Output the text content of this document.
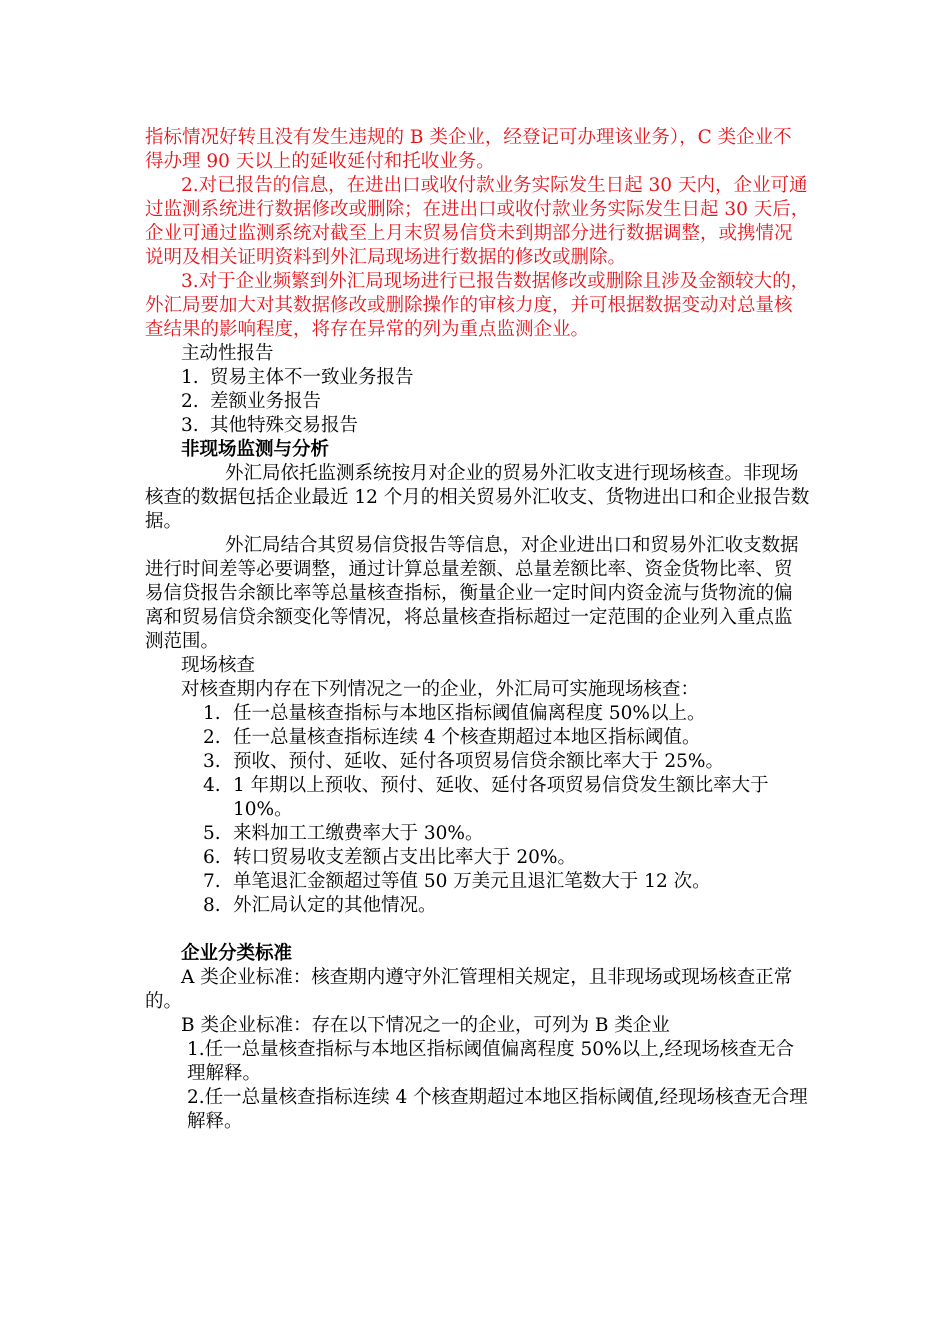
指标情况好转且没有发生违规的 B 类企业，经登记可办理该业务），C 类企业不得办理 90 天以上的延收延付和托收业务。

2.对已报告的信息，在进出口或收付款业务实际发生日起 30 天内，企业可通过监测系统进行数据修改或删除；在进出口或收付款业务实际发生日起 30 天后，企业可通过监测系统对截至上月末贸易信贷未到期部分进行数据调整，或携情况说明及相关证明资料到外汇局现场进行数据的修改或删除。

3.对于企业频繁到外汇局现场进行已报告数据修改或删除且涉及金额较大的，外汇局要加大对其数据修改或删除操作的审核力度，并可根据数据变动对总量核查结果的影响程度，将存在异常的列为重点监测企业。

主动性报告

1. 贸易主体不一致业务报告
2. 差额业务报告
3. 其他特殊交易报告

非现场监测与分析

外汇局依托监测系统按月对企业的贸易外汇收支进行现场核查。非现场核查的数据包括企业最近 12 个月的相关贸易外汇收支、货物进出口和企业报告数据。

外汇局结合其贸易信贷报告等信息，对企业进出口和贸易外汇收支数据进行时间差等必要调整，通过计算总量差额、总量差额比率、资金货物比率、贸易信贷报告余额比率等总量核查指标，衡量企业一定时间内资金流与货物流的偏离和贸易信贷余额变化等情况，将总量核查指标超过一定范围的企业列入重点监测范围。

现场核查

对核查期内存在下列情况之一的企业，外汇局可实施现场核查：

1. 任一总量核查指标与本地区指标阈值偏离程度 50%以上。
2. 任一总量核查指标连续 4 个核查期超过本地区指标阈值。
3. 预收、预付、延收、延付各项贸易信贷余额比率大于 25%。
4. 1 年期以上预收、预付、延收、延付各项贸易信贷发生额比率大于 10%。
5. 来料加工工缴费率大于 30%。
6. 转口贸易收支差额占支出比率大于 20%。
7. 单笔退汇金额超过等值 50 万美元且退汇笔数大于 12 次。
8. 外汇局认定的其他情况。

企业分类标准

A 类企业标准：核查期内遵守外汇管理相关规定，且非现场或现场核查正常的。

B 类企业标准：存在以下情况之一的企业，可列为 B 类企业

1.任一总量核查指标与本地区指标阈值偏离程度 50%以上,经现场核查无合理解释。

2.任一总量核查指标连续 4 个核查期超过本地区指标阈值,经现场核查无合理解释。
